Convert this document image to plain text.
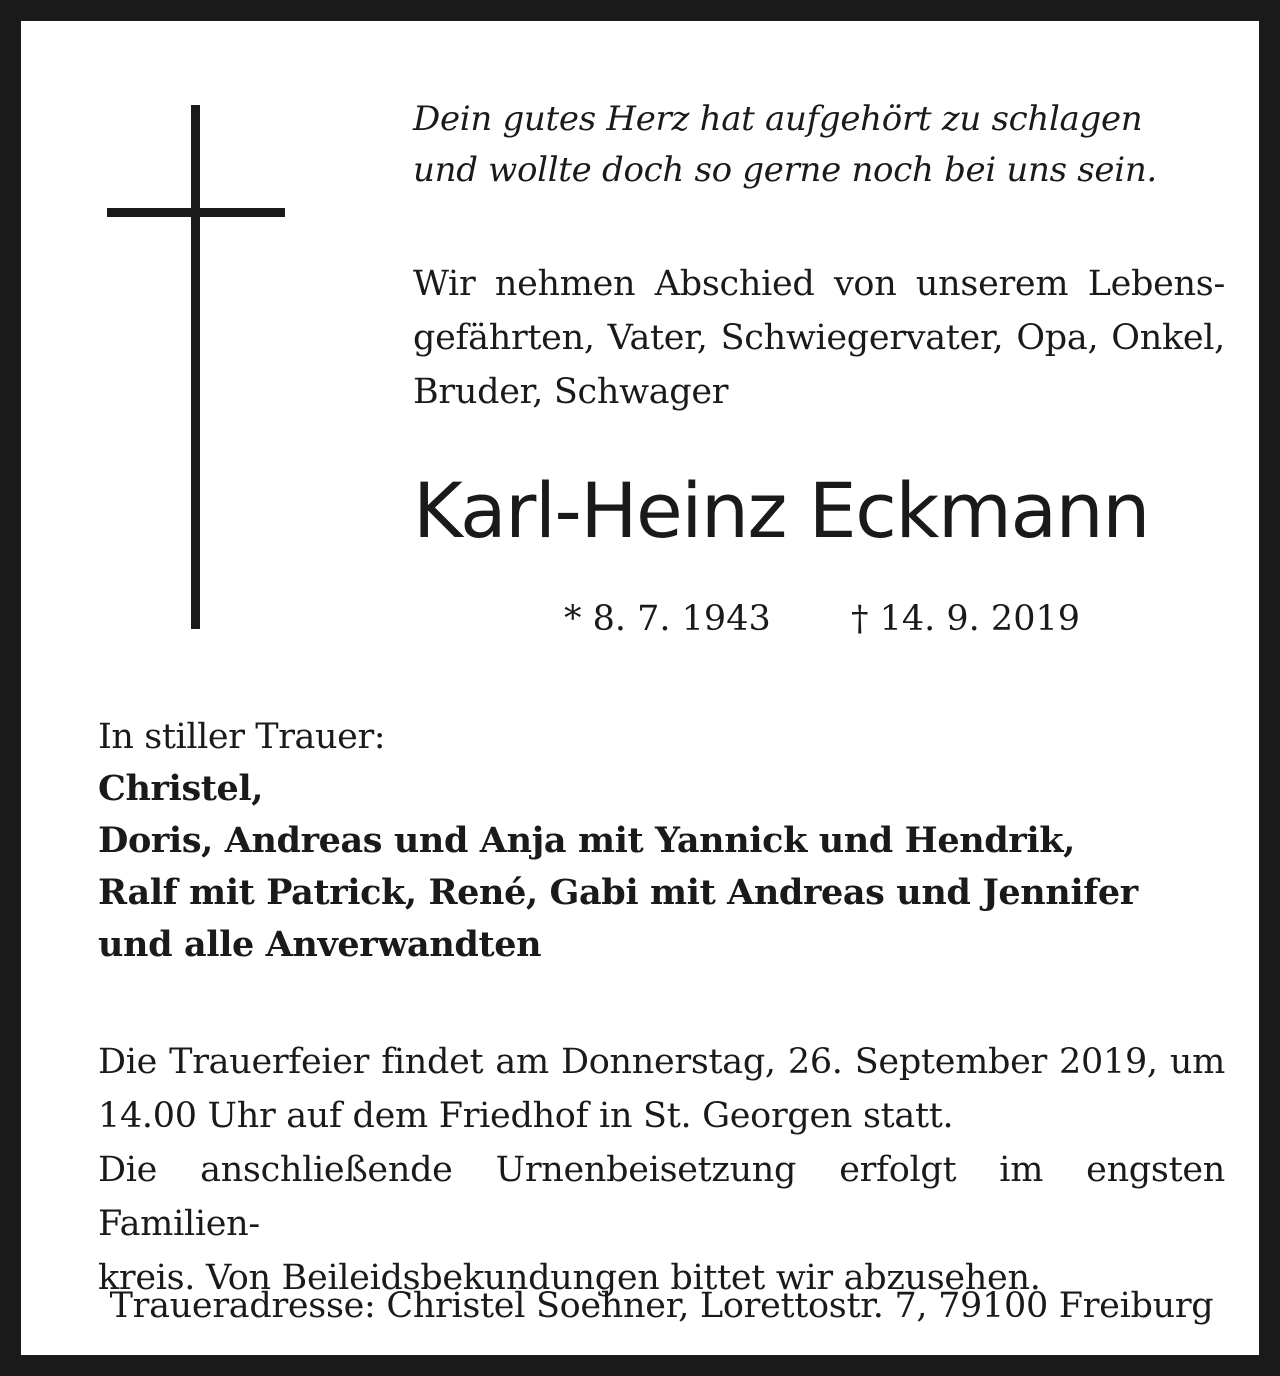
Dein gutes Herz hat aufgehört zu schlagen
und wollte doch so gerne noch bei uns sein.
Wir nehmen Abschied von unserem Lebens-
gefährten, Vater, Schwiegervater, Opa, Onkel,
Bruder, Schwager
Karl-Heinz Eckmann
* 8. 7. 1943 † 14. 9. 2019
In stiller Trauer:
Christel,
Doris, Andreas und Anja mit Yannick und Hendrik,
Ralf mit Patrick, René, Gabi mit Andreas und Jennifer
und alle Anverwandten
Die Trauerfeier findet am Donnerstag, 26. September 2019, um
14.00 Uhr auf dem Friedhof in St. Georgen statt.
Die anschließende Urnenbeisetzung erfolgt im engsten Familien-
kreis. Von Beileidsbekundungen bittet wir abzusehen.
Traueradresse: Christel Soehner, Lorettostr. 7, 79100 Freiburg
